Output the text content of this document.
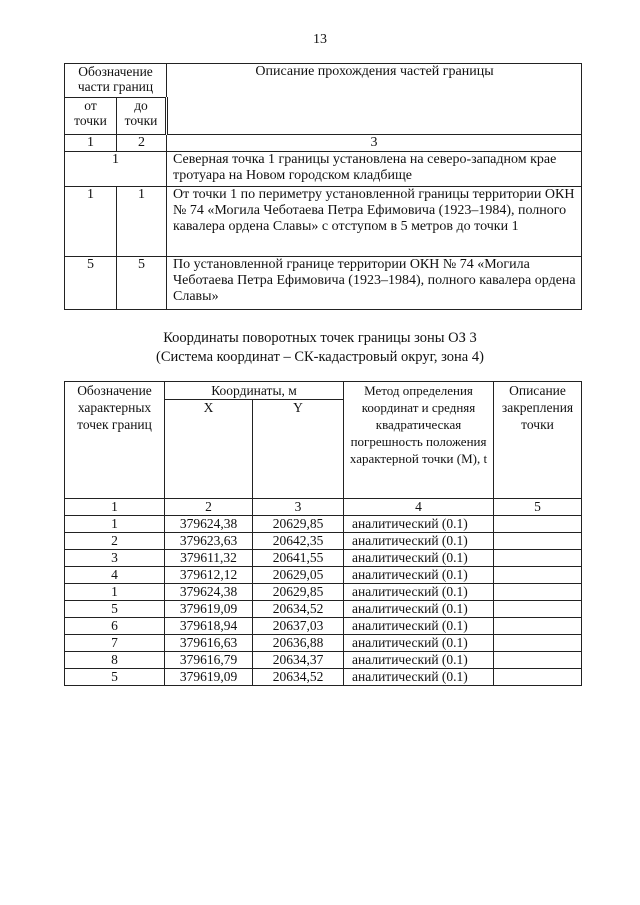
13
Обозначение части границ		Описание прохождения частей границы
от точки	до точки	
1	2	3
1		Северная точка 1 границы установлена на северо-западном крае тротуара на Новом городском кладбище
1	1	От точки 1 по периметру установленной границы территории ОКН № 74 «Могила Чеботаева Петра Ефимовича (1923–1984), полного кавалера ордена Славы» с отступом в 5 метров до точки 1
5	5	По установленной границе территории ОКН № 74 «Могила Чеботаева Петра Ефимовича (1923–1984), полного кавалера ордена Славы»
Координаты поворотных точек границы зоны ОЗ 3
(Система координат – СК-кадастровый округ, зона 4)
Обозначение характерных точек границ	Координаты, м		Метод определения координат и средняя квадратическая погрешность положения характерной точки (М), t	Описание закрепления точки
	X	Y		
1	2	3	4	5
1	379624,38	20629,85	аналитический (0.1)	
2	379623,63	20642,35	аналитический (0.1)	
3	379611,32	20641,55	аналитический (0.1)	
4	379612,12	20629,05	аналитический (0.1)	
1	379624,38	20629,85	аналитический (0.1)	
5	379619,09	20634,52	аналитический (0.1)	
6	379618,94	20637,03	аналитический (0.1)	
7	379616,63	20636,88	аналитический (0.1)	
8	379616,79	20634,37	аналитический (0.1)	
5	379619,09	20634,52	аналитический (0.1)	
